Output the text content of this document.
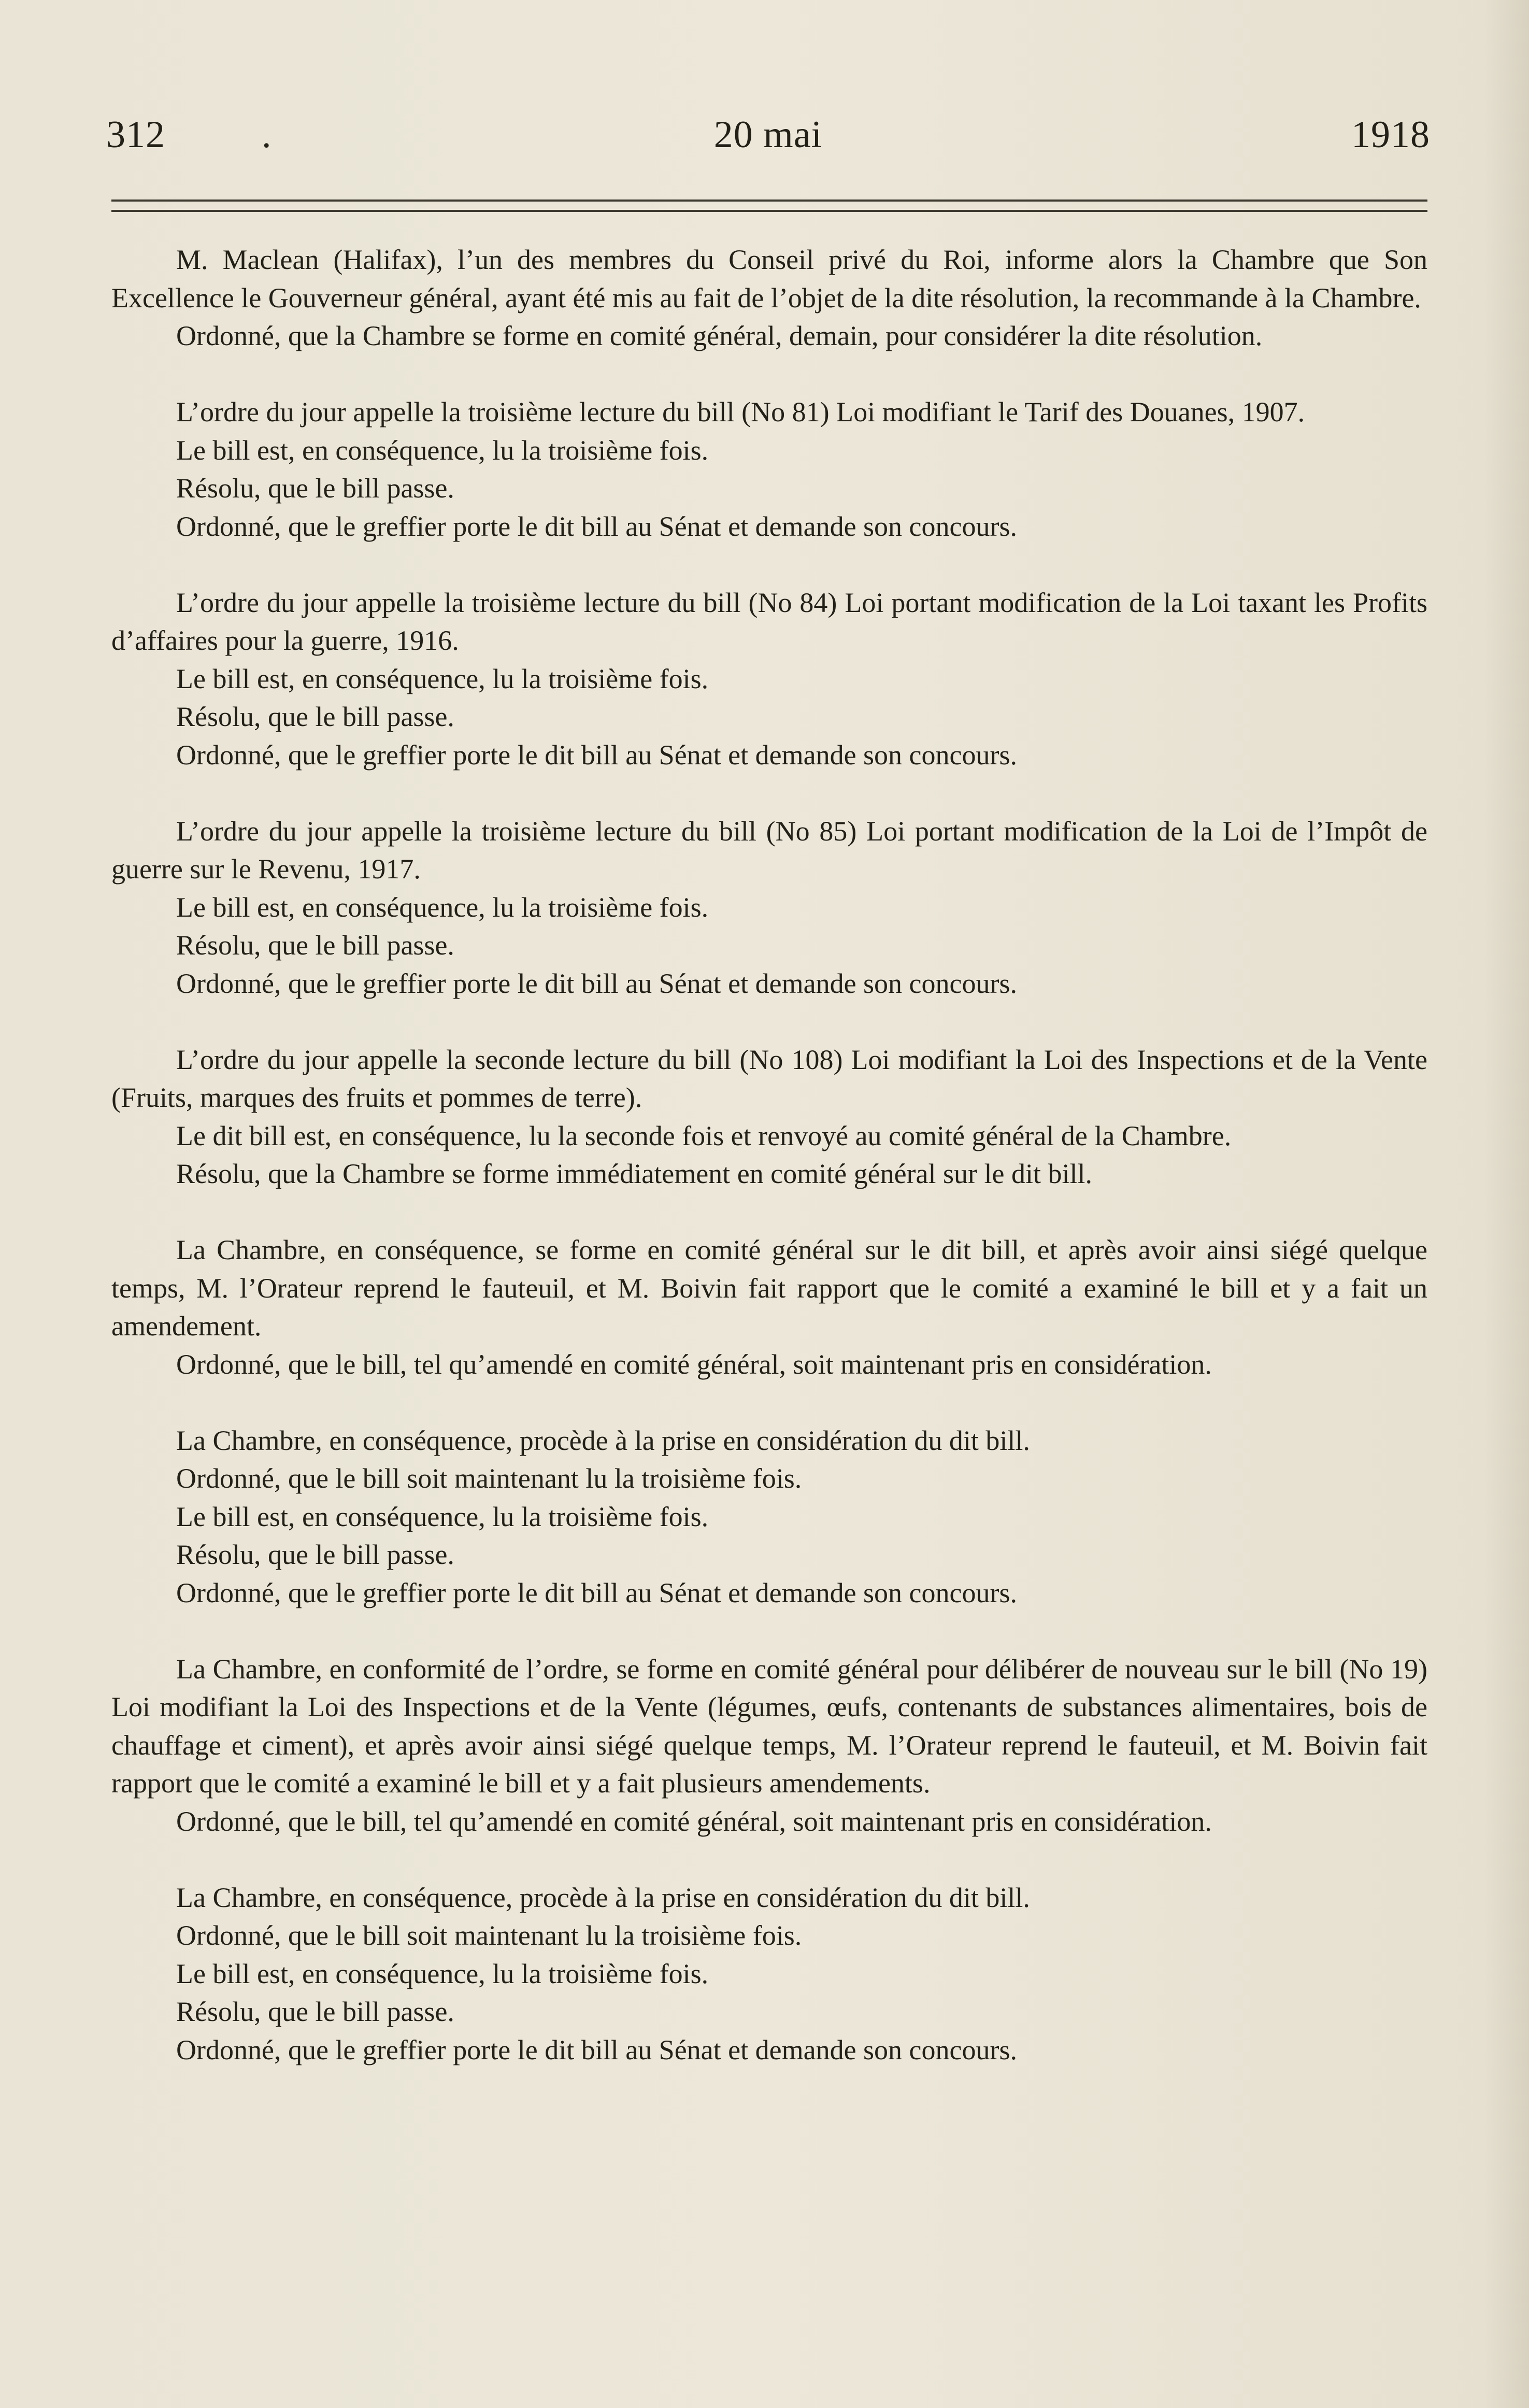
312	.	20 mai	1918

M. Maclean (Halifax), l’un des membres du Conseil privé du Roi, informe alors la Chambre que Son Excellence le Gouverneur général, ayant été mis au fait de l’objet de la dite résolution, la recommande à la Chambre.

Ordonné, que la Chambre se forme en comité général, demain, pour considérer la dite résolution.

L’ordre du jour appelle la troisième lecture du bill (No 81) Loi modifiant le Tarif des Douanes, 1907.

Le bill est, en conséquence, lu la troisième fois.

Résolu, que le bill passe.

Ordonné, que le greffier porte le dit bill au Sénat et demande son concours.

L’ordre du jour appelle la troisième lecture du bill (No 84) Loi portant modification de la Loi taxant les Profits d’affaires pour la guerre, 1916.

Le bill est, en conséquence, lu la troisième fois.

Résolu, que le bill passe.

Ordonné, que le greffier porte le dit bill au Sénat et demande son concours.

L’ordre du jour appelle la troisième lecture du bill (No 85) Loi portant modification de la Loi de l’Impôt de guerre sur le Revenu, 1917.

Le bill est, en conséquence, lu la troisième fois.

Résolu, que le bill passe.

Ordonné, que le greffier porte le dit bill au Sénat et demande son concours.

L’ordre du jour appelle la seconde lecture du bill (No 108) Loi modifiant la Loi des Inspections et de la Vente (Fruits, marques des fruits et pommes de terre).

Le dit bill est, en conséquence, lu la seconde fois et renvoyé au comité général de la Chambre.

Résolu, que la Chambre se forme immédiatement en comité général sur le dit bill.

La Chambre, en conséquence, se forme en comité général sur le dit bill, et après avoir ainsi siégé quelque temps, M. l’Orateur reprend le fauteuil, et M. Boivin fait rapport que le comité a examiné le bill et y a fait un amendement.

Ordonné, que le bill, tel qu’amendé en comité général, soit maintenant pris en considération.

La Chambre, en conséquence, procède à la prise en considération du dit bill.

Ordonné, que le bill soit maintenant lu la troisième fois.

Le bill est, en conséquence, lu la troisième fois.

Résolu, que le bill passe.

Ordonné, que le greffier porte le dit bill au Sénat et demande son concours.

La Chambre, en conformité de l’ordre, se forme en comité général pour délibérer de nouveau sur le bill (No 19) Loi modifiant la Loi des Inspections et de la Vente (légumes, œufs, contenants de substances alimentaires, bois de chauffage et ciment), et après avoir ainsi siégé quelque temps, M. l’Orateur reprend le fauteuil, et M. Boivin fait rapport que le comité a examiné le bill et y a fait plusieurs amendements.

Ordonné, que le bill, tel qu’amendé en comité général, soit maintenant pris en considération.

La Chambre, en conséquence, procède à la prise en considération du dit bill.

Ordonné, que le bill soit maintenant lu la troisième fois.

Le bill est, en conséquence, lu la troisième fois.

Résolu, que le bill passe.

Ordonné, que le greffier porte le dit bill au Sénat et demande son concours.
